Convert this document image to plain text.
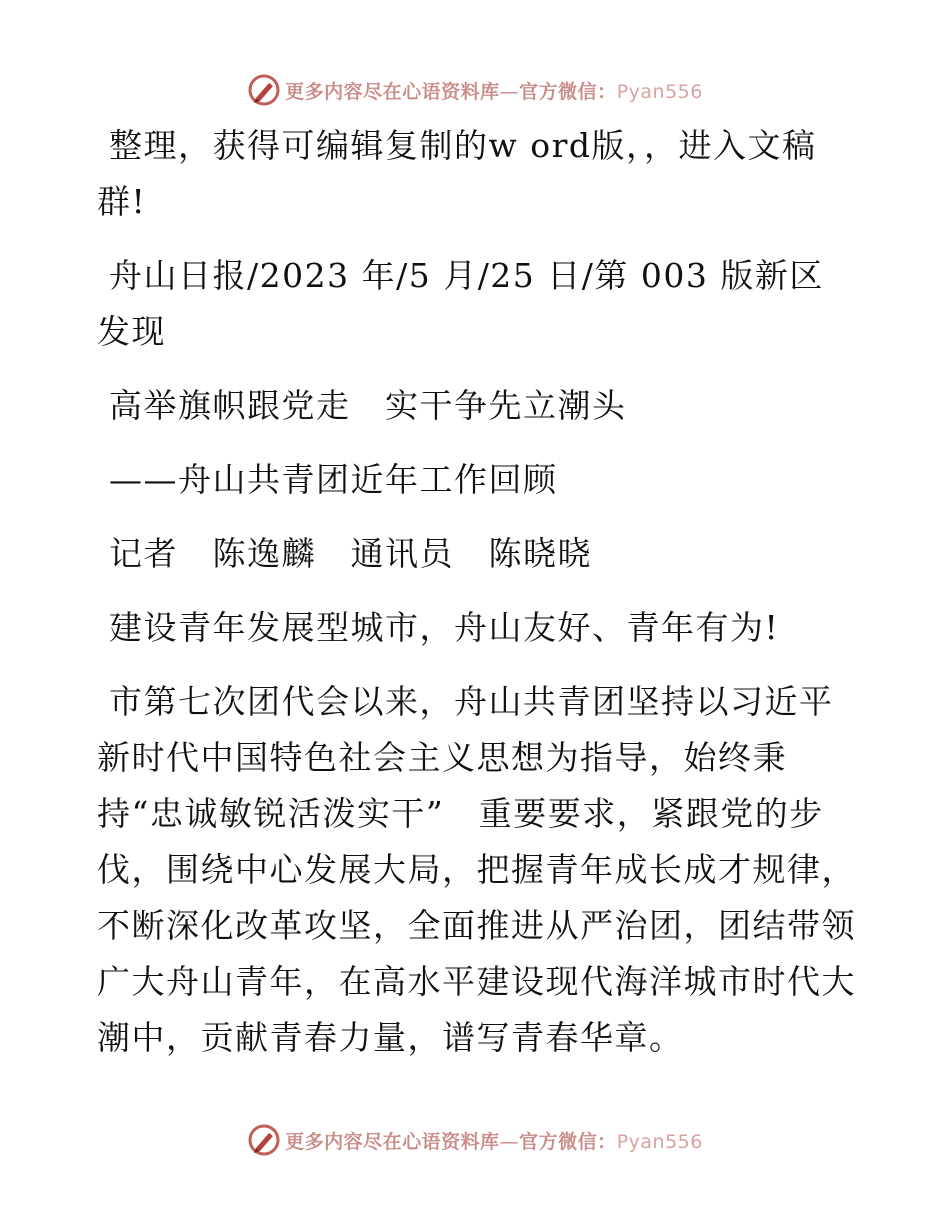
更多内容尽在心语资料库—官方微信：Pyan556

整理，获得可编辑复制的w ord版，，进入文稿群!

舟山日报/2023 年/5 月/25 日/第 003 版新区发现

高举旗帜跟党走　实干争先立潮头

——舟山共青团近年工作回顾

记者　陈逸麟　通讯员　陈晓晓

建设青年发展型城市，舟山友好、青年有为!

市第七次团代会以来，舟山共青团坚持以习近平新时代中国特色社会主义思想为指导，始终秉持“忠诚敏锐活泼实干”　重要要求，紧跟党的步伐，围绕中心发展大局，把握青年成长成才规律，不断深化改革攻坚，全面推进从严治团，团结带领广大舟山青年，在高水平建设现代海洋城市时代大潮中，贡献青春力量，谱写青春华章。

更多内容尽在心语资料库—官方微信：Pyan556
